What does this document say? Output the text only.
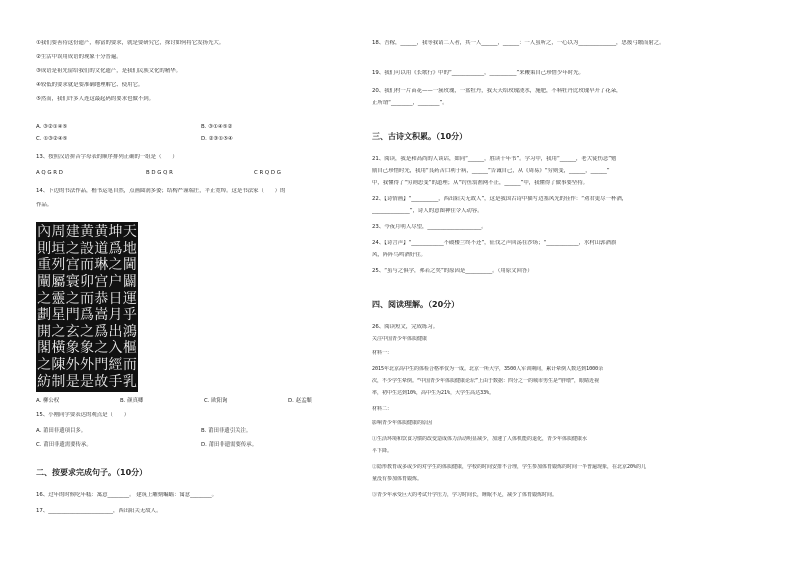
①我们要善待这份遗产，称富的要求，就是要研究它，探讨如何将它发扬光大。
②生活中误用成语的现象十分普遍。
③成语是祖先留给我们的文化遗产，是我们民族文化的精华。
④较低的要求就是要准确地理解它、使用它。
⑤然而，我们许多人连这最起码的要求也做不到。
A. ③②①④⑤	B. ③①④⑤②
C. ①③②④⑤	D. ②③①⑤④
13、按照汉语拼音字母表的顺序排列正确的一组是（　　）
A Q G R D	B D G Q R	C R Q D G
14、下边的书法作品，楷书运笔自然，点画圆润多姿；结构严谨端庄，平正宽绰。这是书法家（　　）的
作品。
天
地
閫
闢
運
乎
鴻
樞
而
乳
坤
爲
之
户
日
月
出
入
經
手
黄
道
琳
宫
恭
嵩
爲
之
門
故
黄
設
而
卯
而
爲
之
象
外
是
建
之
宫
寰
之
門
玄
象
外
是
周
垣
列
屬
靈
星
之
橫
陳
制
內
則
重
闡
之
劃
開
閣
之
紡
A. 柳公权	B. 颜真卿	C. 欧阳询	D. 赵孟頫
15、小刚同学要表达的观点是（　　）
A. 莆田非遗项目多。	B. 莆田非遗引关注。
C. 莆田非遗需要传承。	D. 莆田非遗需要传承。
二、按要求完成句子。（10分）
16、过年的时候吃年糕：寓意________。 建筑上雕刻蝙蝠：寓意________。
17、________________________，西出阳关无故人。
18、吾稼，______，我等我请二人者，其一人______，______：一人虽听之，一心以为______________，思援弓缴而射之。
19、我们可以用《长歌行》中的“____________，__________”来鞭策自己珍惜少年时光。
20、我们村一片苗花——一簇玫瑰，一盆牡丹，我天天给玫瑰浇水，施肥，不料牡丹比玫瑰早开了花朵，
正所谓“________，________”。
三、古诗文积累。（10分）
21、阅读，我是和高尚的人谈话，如同“______，胜读十年书”。学习中，我用“______，老大徒伤悲”勉
励自己珍惜时光，我用“良药苦口利于病，______”告诫自己，从《周易》“穷则变，______，______”
中，我懂得了“穷则思变”的道理；从“钓鱼翁渔网不止，______”中，我懂得了做事要坚持。
22、【诗情画】“__________，西出阳关无故人”，这是我国古诗中描写边塞风光的佳作：“劝君更尽一杯酒，
______________”，诗人的意图神往令人动容。
23、今夜月明人尽望，____________________。
24、【诗言声】“____________不破楼兰终不还”，征伐之声回荡在沙场；“____________，水村山郭酒旗
风，阵阵鸟鸣酒好往。
25、“虽与之俱学，弗若之矣”的原因是__________。（用原文回答）
四、阅读理解。（20分）
26、阅读短文，完成练习。
关注中国青少年体质健康
材料一：
2015年北京高中生的体检合格率仅为一成。北京一所大学，3500人军训期间，累计晕倒人数达到1000余
次，不少学生晕倒。“中国青少年体质健康论坛”上由于数据：四分之一的城市男生是“胖墩”，眼睛近视
率，初中生达到10%，高中生为21%，大学生高达33%。
材料二：
影响青少年体质健康的原因
①生活环境和饮食习惯的改变造成体力活动明显减少，加速了人体机能的退化，青少年体质健康水
平下降。
②隐形教育或多或少的对学生的体质健康，学校的时间安排不合理，学生参加体育锻炼的时间一半普遍现象，在北京20%的儿
童没有参加体育锻炼。
③青少年承受巨大的考试升学压力，学习时间长，睡眠不足，减少了体育锻炼时间。
